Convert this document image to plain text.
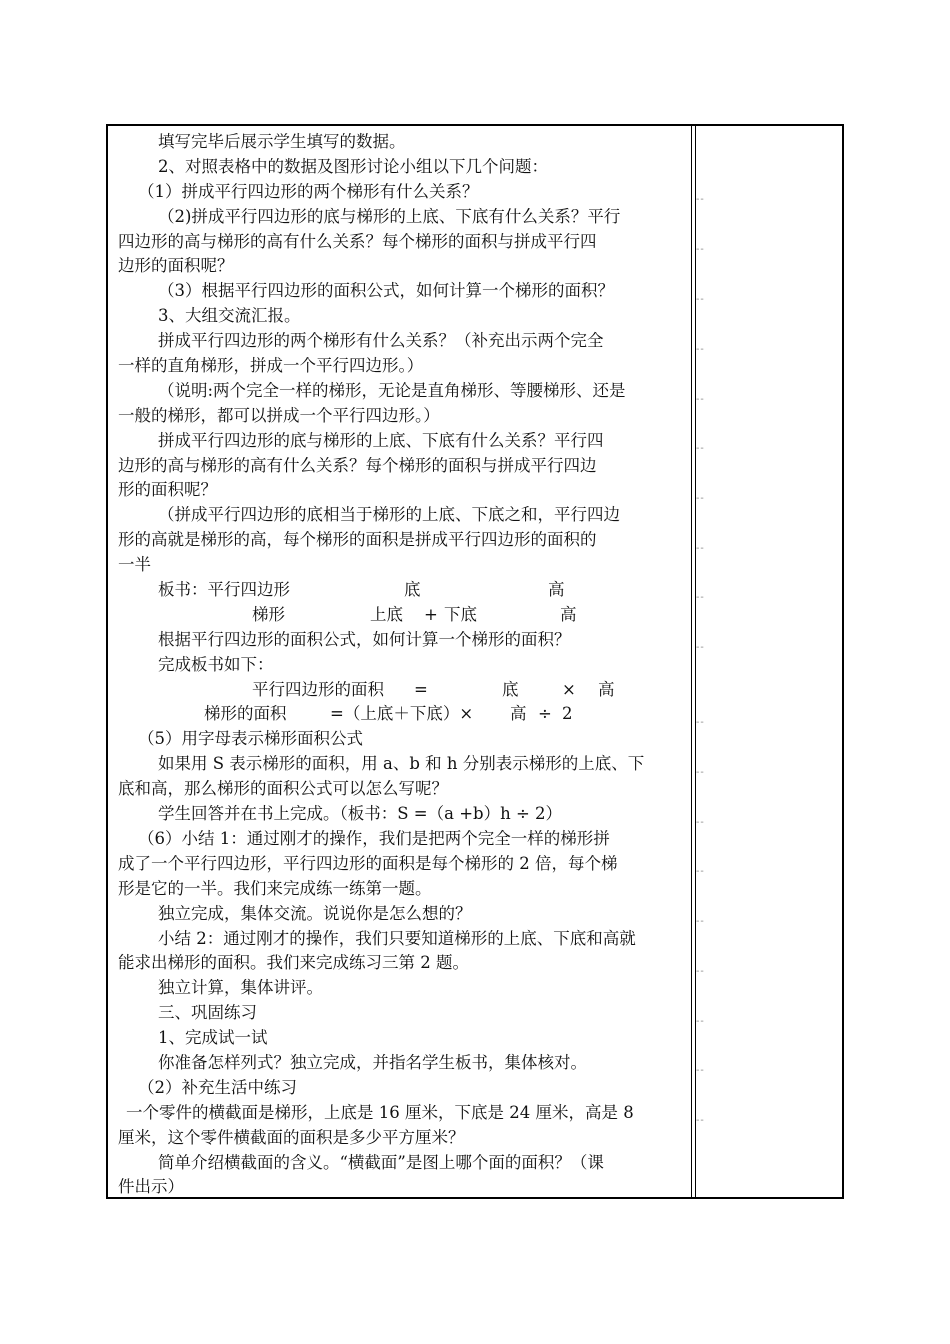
填写完毕后展示学生填写的数据。
2、对照表格中的数据及图形讨论小组以下几个问题：
（1）拼成平行四边形的两个梯形有什么关系？
（2)拼成平行四边形的底与梯形的上底、下底有什么关系？平行
四边形的高与梯形的高有什么关系？每个梯形的面积与拼成平行四
边形的面积呢？
（3）根据平行四边形的面积公式，如何计算一个梯形的面积？
3、大组交流汇报。
拼成平行四边形的两个梯形有什么关系？（补充出示两个完全
一样的直角梯形，拼成一个平行四边形。）
（说明:两个完全一样的梯形，无论是直角梯形、等腰梯形、还是
一般的梯形，都可以拼成一个平行四边形。）
拼成平行四边形的底与梯形的上底、下底有什么关系？平行四
边形的高与梯形的高有什么关系？每个梯形的面积与拼成平行四边
形的面积呢？
（拼成平行四边形的底相当于梯形的上底、下底之和，平行四边
形的高就是梯形的高，每个梯形的面积是拼成平行四边形的面积的
一半
板书：平行四边形	底	高
梯形	上底 + 下底	高
根据平行四边形的面积公式，如何计算一个梯形的面积？
完成板书如下：
平行四边形的面积 =	底	× 高
梯形的面积	=（上底＋下底）× 高 ÷ 2
（5）用字母表示梯形面积公式
如果用 S 表示梯形的面积，用 a、b 和 h 分别表示梯形的上底、下
底和高，那么梯形的面积公式可以怎么写呢？
学生回答并在书上完成。（板书：S =（a +b）h ÷ 2）
（6）小结 1：通过刚才的操作，我们是把两个完全一样的梯形拼
成了一个平行四边形，平行四边形的面积是每个梯形的 2 倍，每个梯
形是它的一半。我们来完成练一练第一题。
独立完成，集体交流。说说你是怎么想的？
小结 2：通过刚才的操作，我们只要知道梯形的上底、下底和高就
能求出梯形的面积。我们来完成练习三第 2 题。
独立计算，集体讲评。
三、巩固练习
1、完成试一试
你准备怎样列式？独立完成，并指名学生板书，集体核对。
（2）补充生活中练习
一个零件的横截面是梯形，上底是 16 厘米，下底是 24 厘米，高是 8
厘米，这个零件横截面的面积是多少平方厘米？
简单介绍横截面的含义。“横截面”是图上哪个面的面积？（课
件出示）
--
--
--
--
--
--
--
--
--
--
--
--
--
--
--
--
--
--
--
